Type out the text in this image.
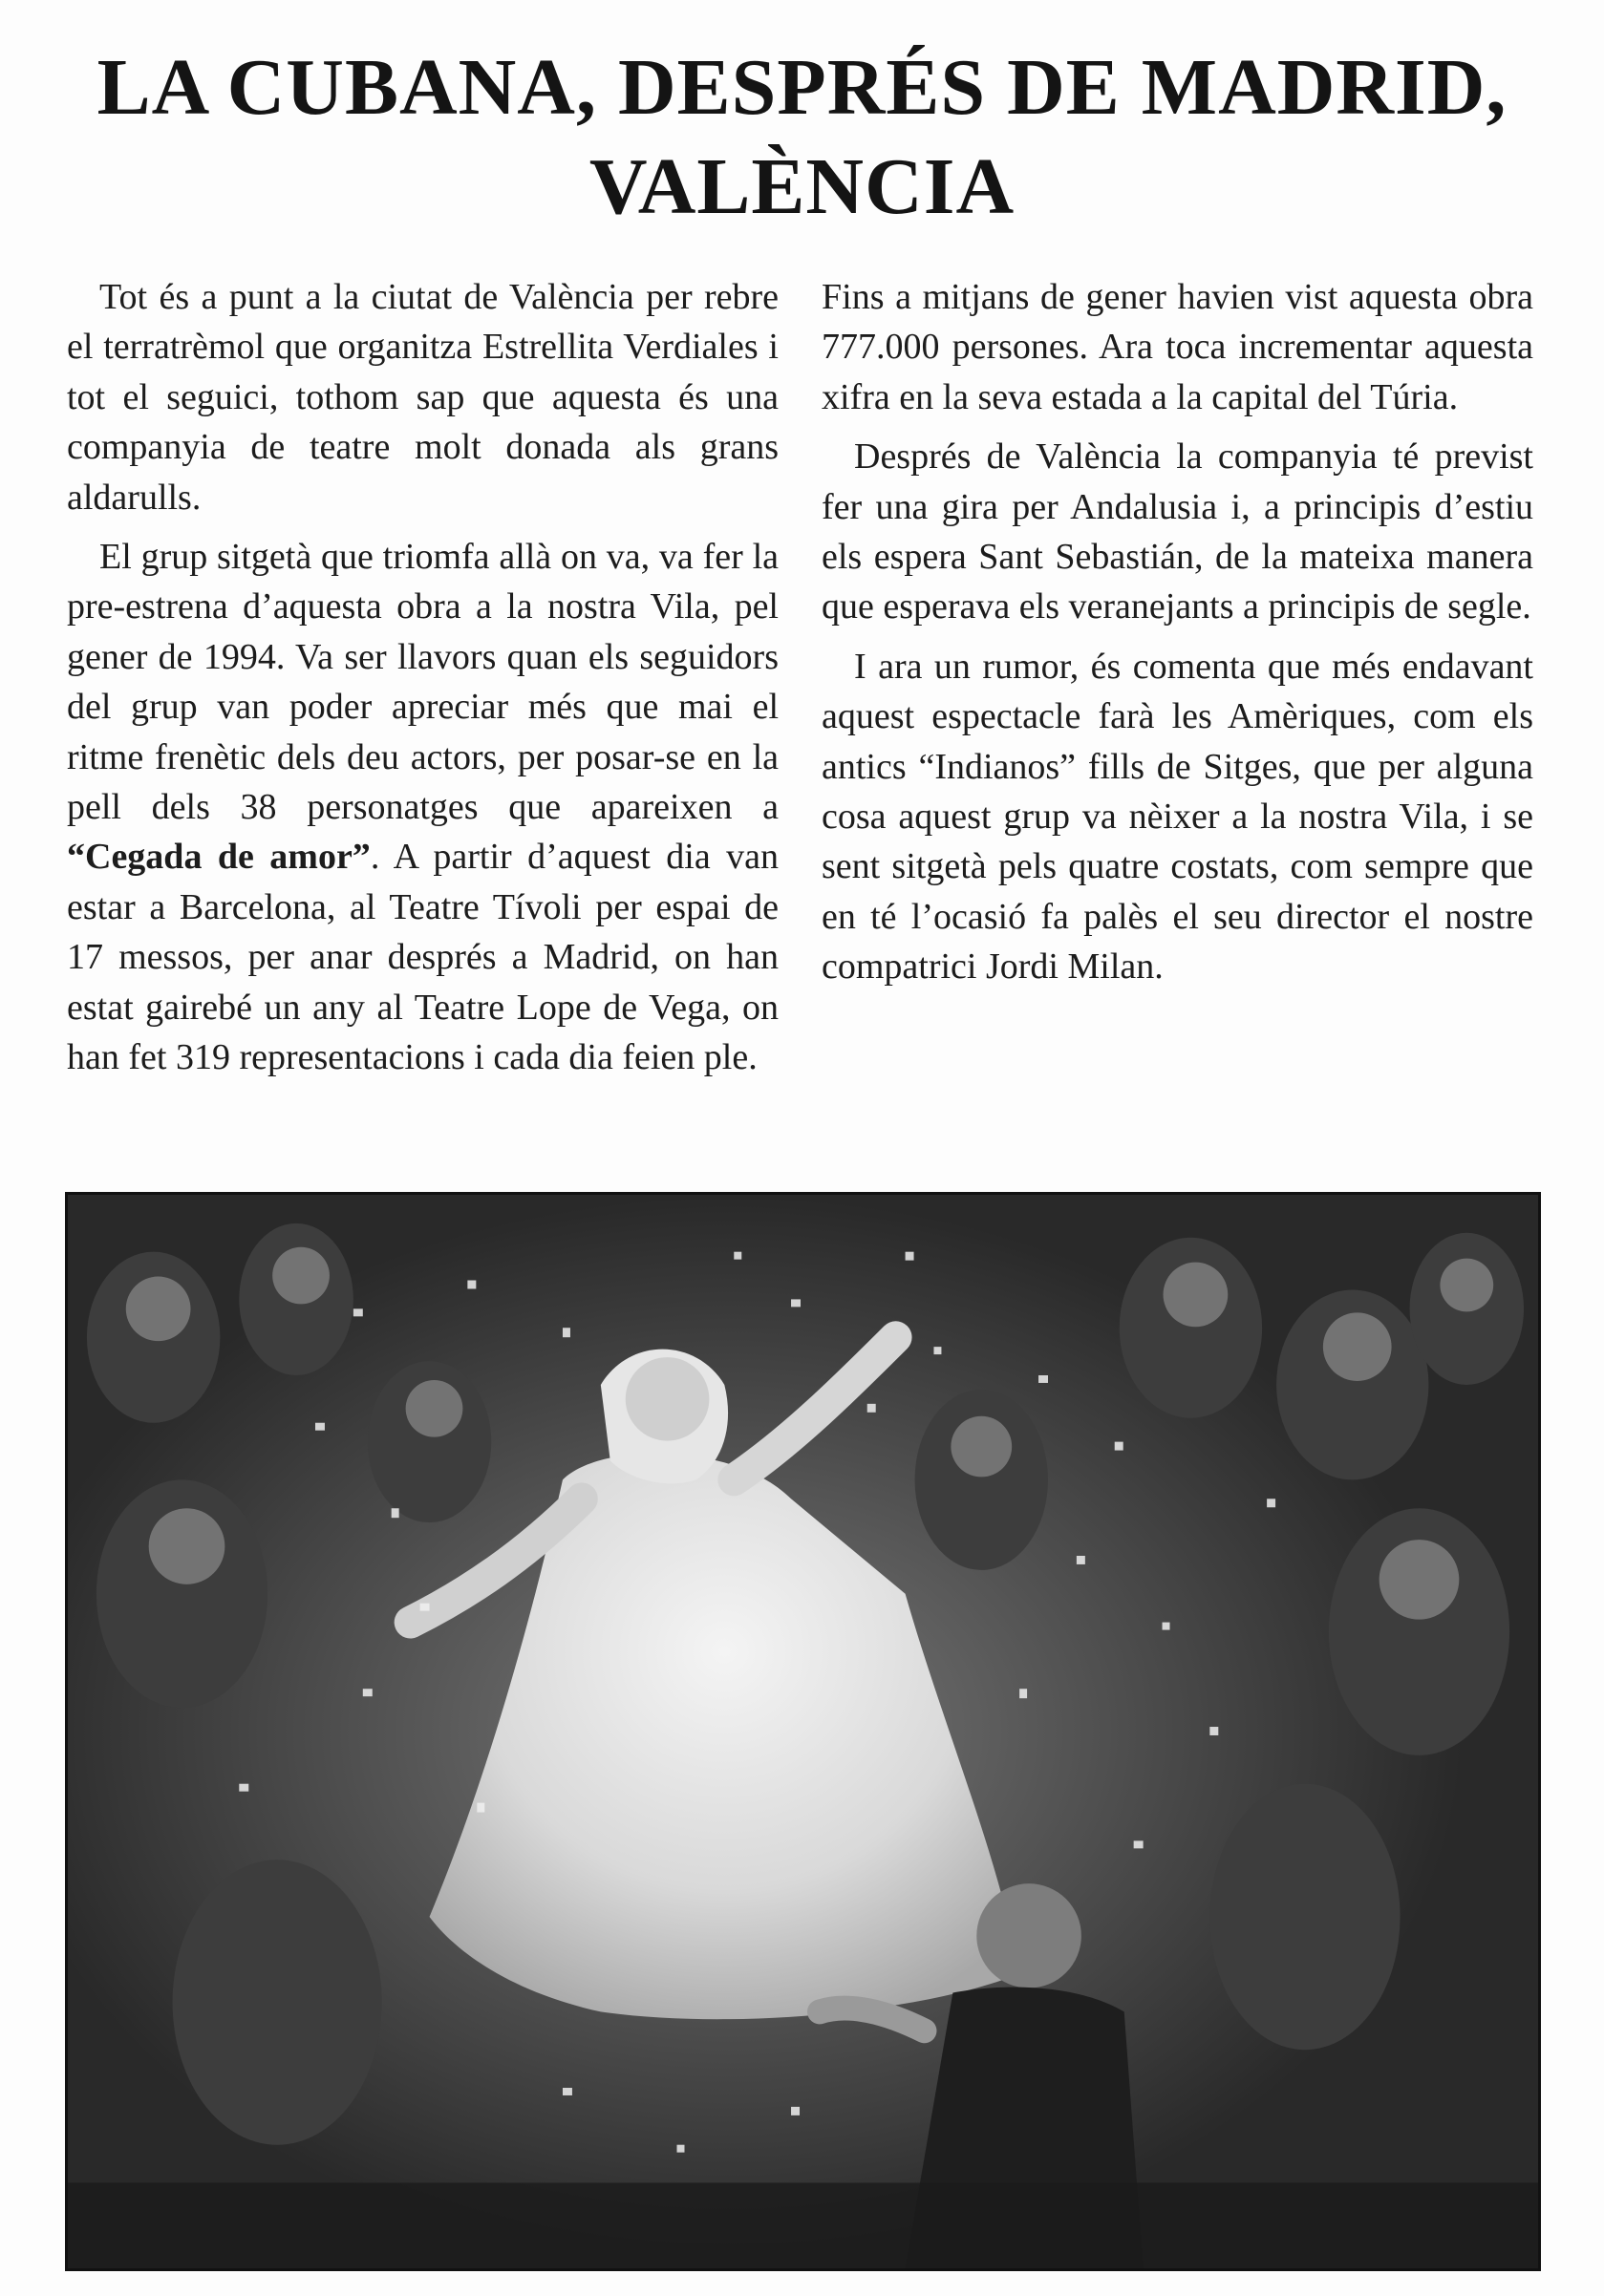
LA CUBANA, DESPRÉS DE MADRID,
VALÈNCIA

Tot és a punt a la ciutat de València per rebre el terratrèmol que organitza Estrellita Verdiales i tot el seguici, tothom sap que aquesta és una companyia de teatre molt donada als grans aldarulls.

El grup sitgetà que triomfa allà on va, va fer la pre-estrena d’aquesta obra a la nostra Vila, pel gener de 1994. Va ser llavors quan els seguidors del grup van poder apreciar més que mai el ritme frenètic dels deu actors, per posar-se en la pell dels 38 personatges que apareixen a “Cegada de amor”. A partir d’aquest dia van estar a Barcelona, al Teatre Tívoli per espai de 17 messos, per anar després a Madrid, on han estat gairebé un any al Teatre Lope de Vega, on han fet 319 representacions i cada dia feien ple.

Fins a mitjans de gener havien vist aquesta obra 777.000 persones. Ara toca incrementar aquesta xifra en la seva estada a la capital del Túria.

Després de València la companyia té previst fer una gira per Andalusia i, a principis d’estiu els espera Sant Sebastián, de la mateixa manera que esperava els veranejants a principis de segle.

I ara un rumor, és comenta que més endavant aquest espectacle farà les Amèriques, com els antics “Indianos” fills de Sitges, que per alguna cosa aquest grup va nèixer a la nostra Vila, i se sent sitgetà pels quatre costats, com sempre que en té l’ocasió fa palès el seu director el nostre compatrici Jordi Milan.
